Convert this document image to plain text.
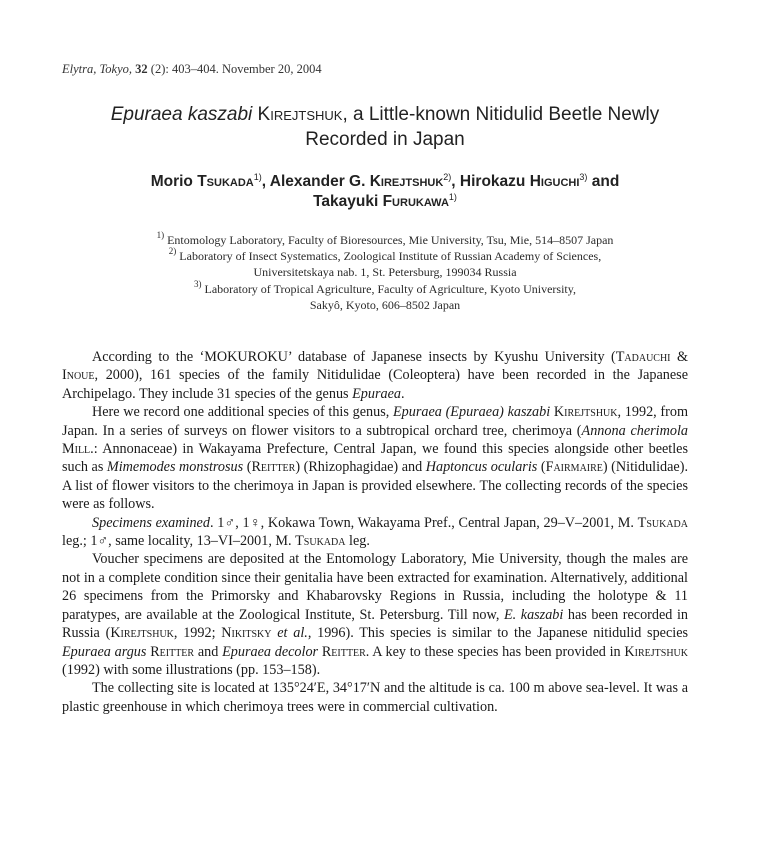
Elytra, Tokyo, 32 (2): 403–404. November 20, 2004
Epuraea kaszabi Kirejtshuk, a Little-known Nitidulid Beetle Newly
Recorded in Japan
Morio Tsukada$^{1)}$, Alexander G. Kirejtshuk$^{2)}$, Hirokazu Higuchi$^{3)}$ and
Takayuki Furukawa$^{1)}$
$^{1)}$ Entomology Laboratory, Faculty of Bioresources, Mie University, Tsu, Mie, 514–8507 Japan
$^{2)}$ Laboratory of Insect Systematics, Zoological Institute of Russian Academy of Sciences,
Universitetskaya nab. 1, St. Petersburg, 199034 Russia
$^{3)}$ Laboratory of Tropical Agriculture, Faculty of Agriculture, Kyoto University,
Sakyô, Kyoto, 606–8502 Japan

According to the ‘MOKUROKU’ database of Japanese insects by Kyushu University (Tadauchi & Inoue, 2000), 161 species of the family Nitidulidae (Coleoptera) have been recorded in the Japanese Archipelago. They include 31 species of the genus Epuraea.

Here we record one additional species of this genus, Epuraea (Epuraea) kaszabi Kirejtshuk, 1992, from Japan. In a series of surveys on flower visitors to a subtropical orchard tree, cherimoya (Annona cherimola Mill.: Annonaceae) in Wakayama Prefecture, Central Japan, we found this species alongside other beetles such as Mimemodes monstrosus (Reitter) (Rhizophagidae) and Haptoncus ocularis (Fairmaire) (Nitidulidae). A list of flower visitors to the cherimoya in Japan is provided elsewhere. The collecting records of the species were as follows.

Specimens examined. 1♂, 1♀, Kokawa Town, Wakayama Pref., Central Japan, 29–V–2001, M. Tsukada leg.; 1♂, same locality, 13–VI–2001, M. Tsukada leg.

Voucher specimens are deposited at the Entomology Laboratory, Mie University, though the males are not in a complete condition since their genitalia have been extracted for examination. Alternatively, additional 26 specimens from the Primorsky and Khabarovsky Regions in Russia, including the holotype & 11 paratypes, are available at the Zoological Institute, St. Petersburg. Till now, E. kaszabi has been recorded in Russia (Kirejtshuk, 1992; Nikitsky et al., 1996). This species is similar to the Japanese nitidulid species Epuraea argus Reitter and Epuraea decolor Reitter. A key to these species has been provided in Kirejtshuk (1992) with some illustrations (pp. 153–158).

The collecting site is located at 135°24′E, 34°17′N and the altitude is ca. 100 m above sea-level. It was a plastic greenhouse in which cherimoya trees were in commercial cultivation.
